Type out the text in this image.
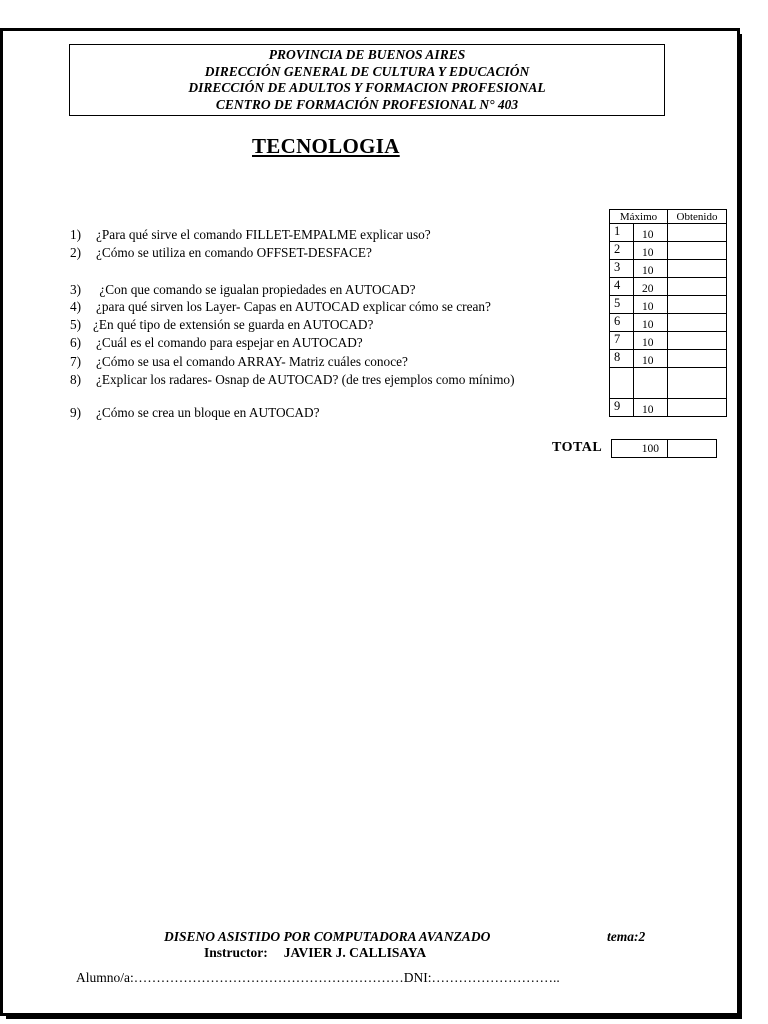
PROVINCIA DE BUENOS AIRES
DIRECCIÓN GENERAL DE CULTURA Y EDUCACIÓN
DIRECCIÓN DE ADULTOS Y FORMACION PROFESIONAL
CENTRO DE FORMACIÓN PROFESIONAL N° 403
TECNOLOGIA
1) ¿Para qué sirve el comando FILLET-EMPALME explicar uso?
2) ¿Cómo se utiliza en comando OFFSET-DESFACE?
3) ¿Con que comando se igualan propiedades en AUTOCAD?
4) ¿para qué sirven los Layer- Capas en AUTOCAD explicar cómo se crean?
5) ¿En qué tipo de extensión se guarda en AUTOCAD?
6) ¿Cuál es el comando para espejar en AUTOCAD?
7) ¿Cómo se usa el comando ARRAY- Matriz cuáles conoce?
8) ¿Explicar los radares- Osnap de AUTOCAD? (de tres ejemplos como mínimo)
9) ¿Cómo se crea un bloque en AUTOCAD?
Máximo		Obtenido
1	10	
2	10	
3	10	
4	20	
5	10	
6	10	
7	10	
8	10	

9	10	
TOTAL	100	
DISENO ASISTIDO POR COMPUTADORA AVANZADO	tema:2
Instructor: JAVIER J. CALLISAYA
Alumno/a:……………………………………………………DNI:………………………..
